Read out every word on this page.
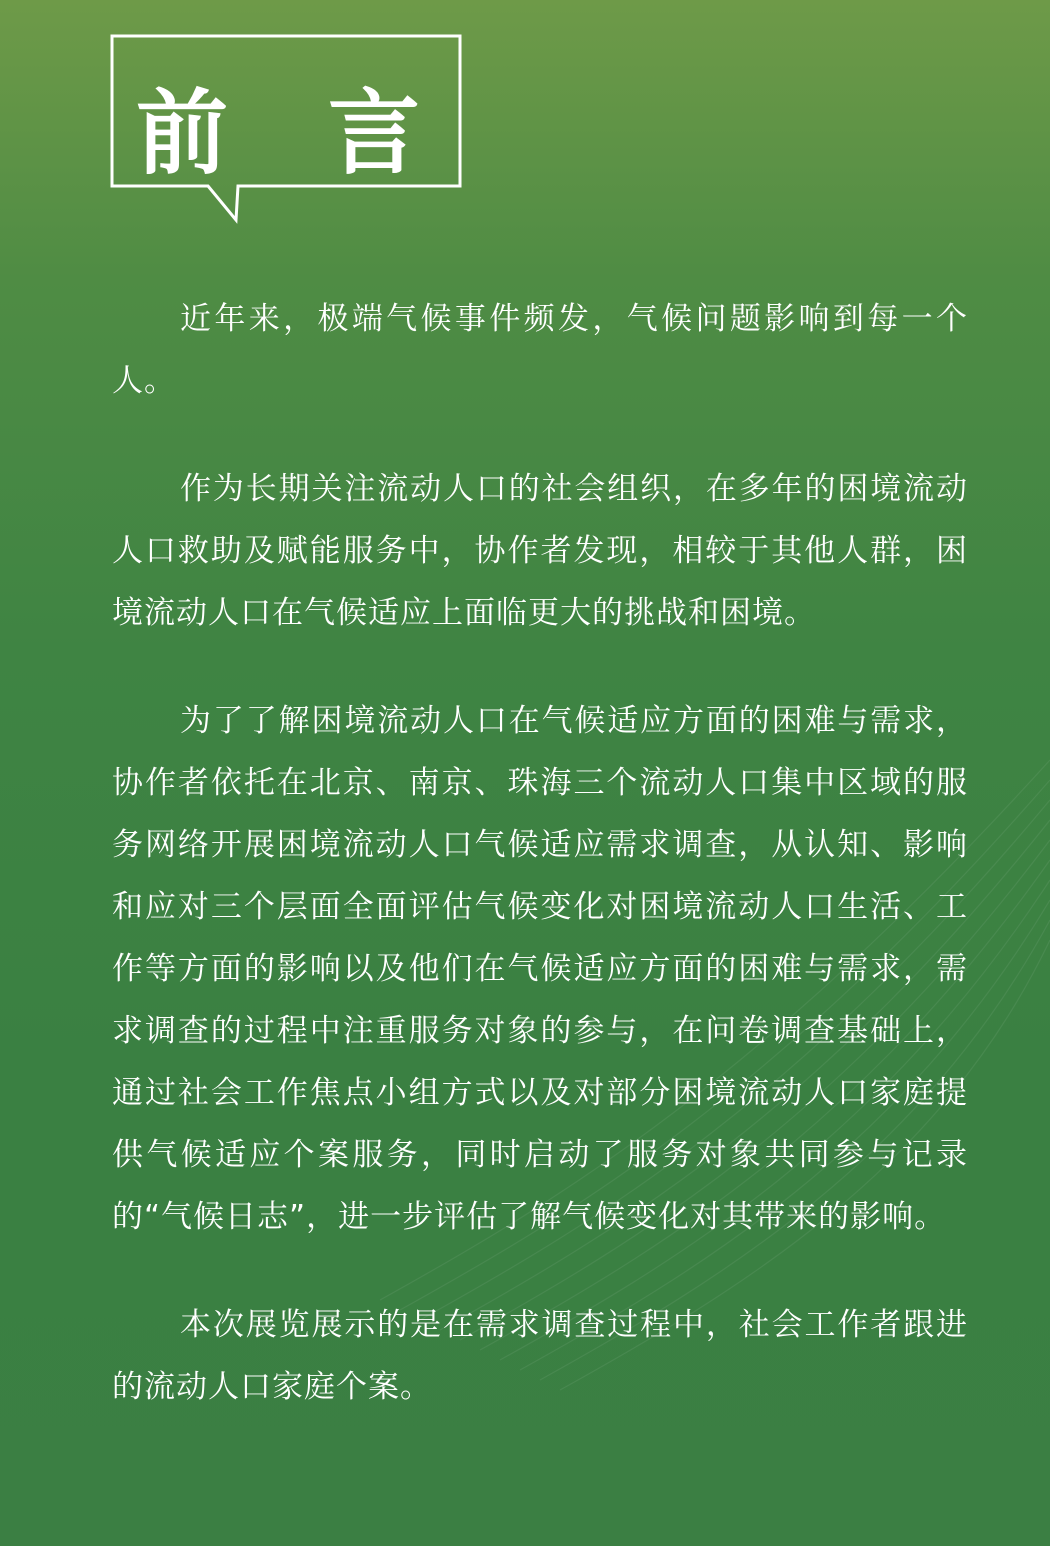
前 言

近年来，极端气候事件频发，气候问题影响到每一个人。

作为长期关注流动人口的社会组织，在多年的困境流动人口救助及赋能服务中，协作者发现，相较于其他人群，困境流动人口在气候适应上面临更大的挑战和困境。

为了了解困境流动人口在气候适应方面的困难与需求，协作者依托在北京、南京、珠海三个流动人口集中区域的服务网络开展困境流动人口气候适应需求调查，从认知、影响和应对三个层面全面评估气候变化对困境流动人口生活、工作等方面的影响以及他们在气候适应方面的困难与需求，需求调查的过程中注重服务对象的参与，在问卷调查基础上，通过社会工作焦点小组方式以及对部分困境流动人口家庭提供气候适应个案服务，同时启动了服务对象共同参与记录的“气候日志”，进一步评估了解气候变化对其带来的影响。

本次展览展示的是在需求调查过程中，社会工作者跟进的流动人口家庭个案。
